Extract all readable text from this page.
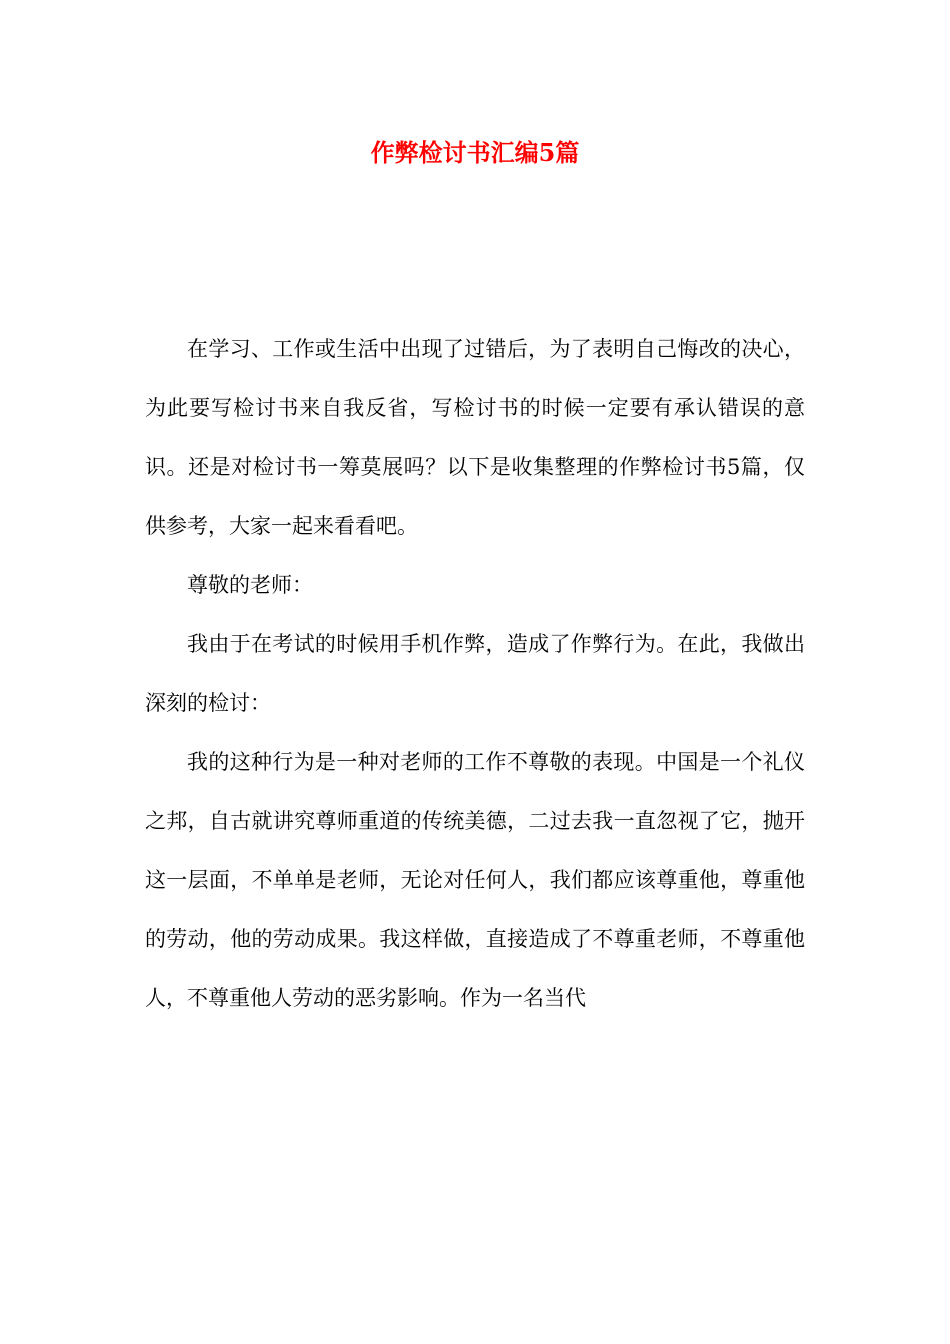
作弊检讨书汇编5篇

在学习、工作或生活中出现了过错后，为了表明自己悔改的决心，为此要写检讨书来自我反省，写检讨书的时候一定要有承认错误的意识。还是对检讨书一筹莫展吗？以下是收集整理的作弊检讨书5篇，仅供参考，大家一起来看看吧。

尊敬的老师：

我由于在考试的时候用手机作弊，造成了作弊行为。在此，我做出深刻的检讨：

我的这种行为是一种对老师的工作不尊敬的表现。中国是一个礼仪之邦，自古就讲究尊师重道的传统美德，二过去我一直忽视了它，抛开这一层面，不单单是老师，无论对任何人，我们都应该尊重他，尊重他的劳动，他的劳动成果。我这样做，直接造成了不尊重老师，不尊重他人，不尊重他人劳动的恶劣影响。作为一名当代
